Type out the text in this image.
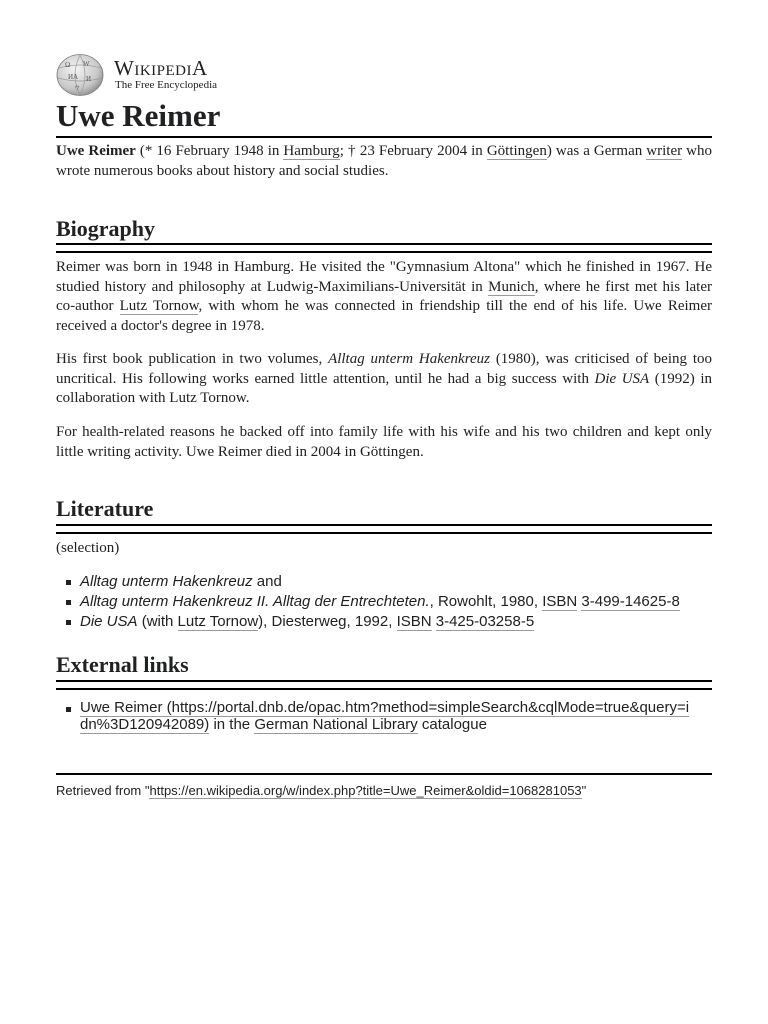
Ω W
ИА И
ウ
WikipediA
The Free Encyclopedia
Uwe Reimer

Uwe Reimer (* 16 February 1948 in Hamburg; † 23 February 2004 in Göttingen) was a German writer who wrote numerous books about history and social studies.

Biography

Reimer was born in 1948 in Hamburg. He visited the "Gymnasium Altona" which he finished in 1967. He studied history and philosophy at Ludwig-Maximilians-Universität in Munich, where he first met his later co-author Lutz Tornow, with whom he was connected in friendship till the end of his life. Uwe Reimer received a doctor's degree in 1978.

His first book publication in two volumes, Alltag unterm Hakenkreuz (1980), was criticised of being too uncritical. His following works earned little attention, until he had a big success with Die USA (1992) in collaboration with Lutz Tornow.

For health-related reasons he backed off into family life with his wife and his two children and kept only little writing activity. Uwe Reimer died in 2004 in Göttingen.

Literature

(selection)

Alltag unterm Hakenkreuz and
Alltag unterm Hakenkreuz II. Alltag der Entrechteten., Rowohlt, 1980, ISBN 3-499-14625-8
Die USA (with Lutz Tornow), Diesterweg, 1992, ISBN 3-425-03258-5
External links
Uwe Reimer (https://portal.dnb.de/opac.htm?method=simpleSearch&cqlMode=true&query=i
dn%3D120942089) in the German National Library catalogue
Retrieved from "https://en.wikipedia.org/w/index.php?title=Uwe_Reimer&oldid=1068281053"
